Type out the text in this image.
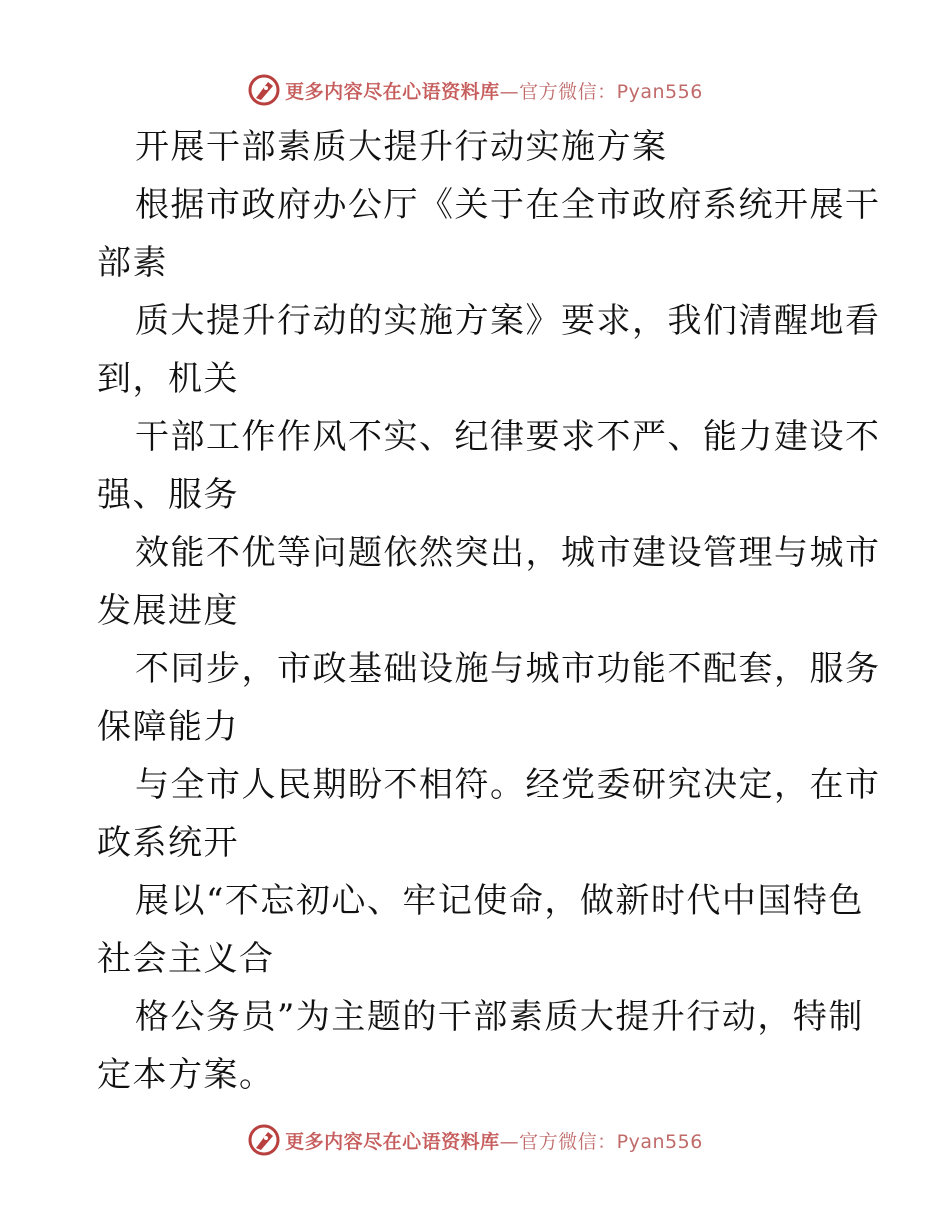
更多内容尽在心语资料库—官方微信：Pyan556
开展干部素质大提升行动实施方案
根据市政府办公厅《关于在全市政府系统开展干
部素
质大提升行动的实施方案》要求，我们清醒地看
到，机关
干部工作作风不实、纪律要求不严、能力建设不
强、服务
效能不优等问题依然突出，城市建设管理与城市
发展进度
不同步，市政基础设施与城市功能不配套，服务
保障能力
与全市人民期盼不相符。经党委研究决定，在市
政系统开
展以“不忘初心、牢记使命，做新时代中国特色
社会主义合
格公务员”为主题的干部素质大提升行动，特制
定本方案。
更多内容尽在心语资料库—官方微信：Pyan556
